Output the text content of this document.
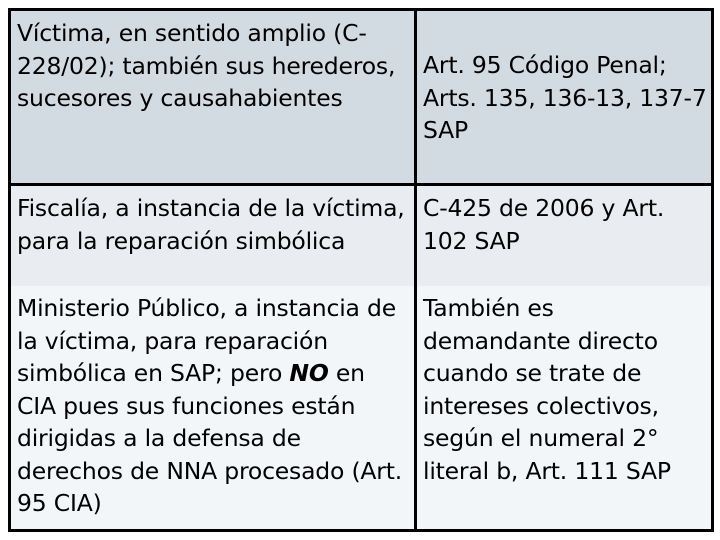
Víctima, en sentido amplio (C-228/02); también sus herederos, sucesores y causahabientes
Art. 95 Código Penal; Arts. 135, 136-13, 137-7 SAP
Fiscalía, a instancia de la víctima, para la reparación simbólica
C-425 de 2006 y Art. 102 SAP
Ministerio Público, a instancia de la víctima, para reparación simbólica en SAP; pero NO en CIA pues sus funciones están dirigidas a la defensa de derechos de NNA procesado (Art. 95 CIA)
También es demandante directo cuando se trate de intereses colectivos, según el numeral 2° literal b, Art. 111 SAP
